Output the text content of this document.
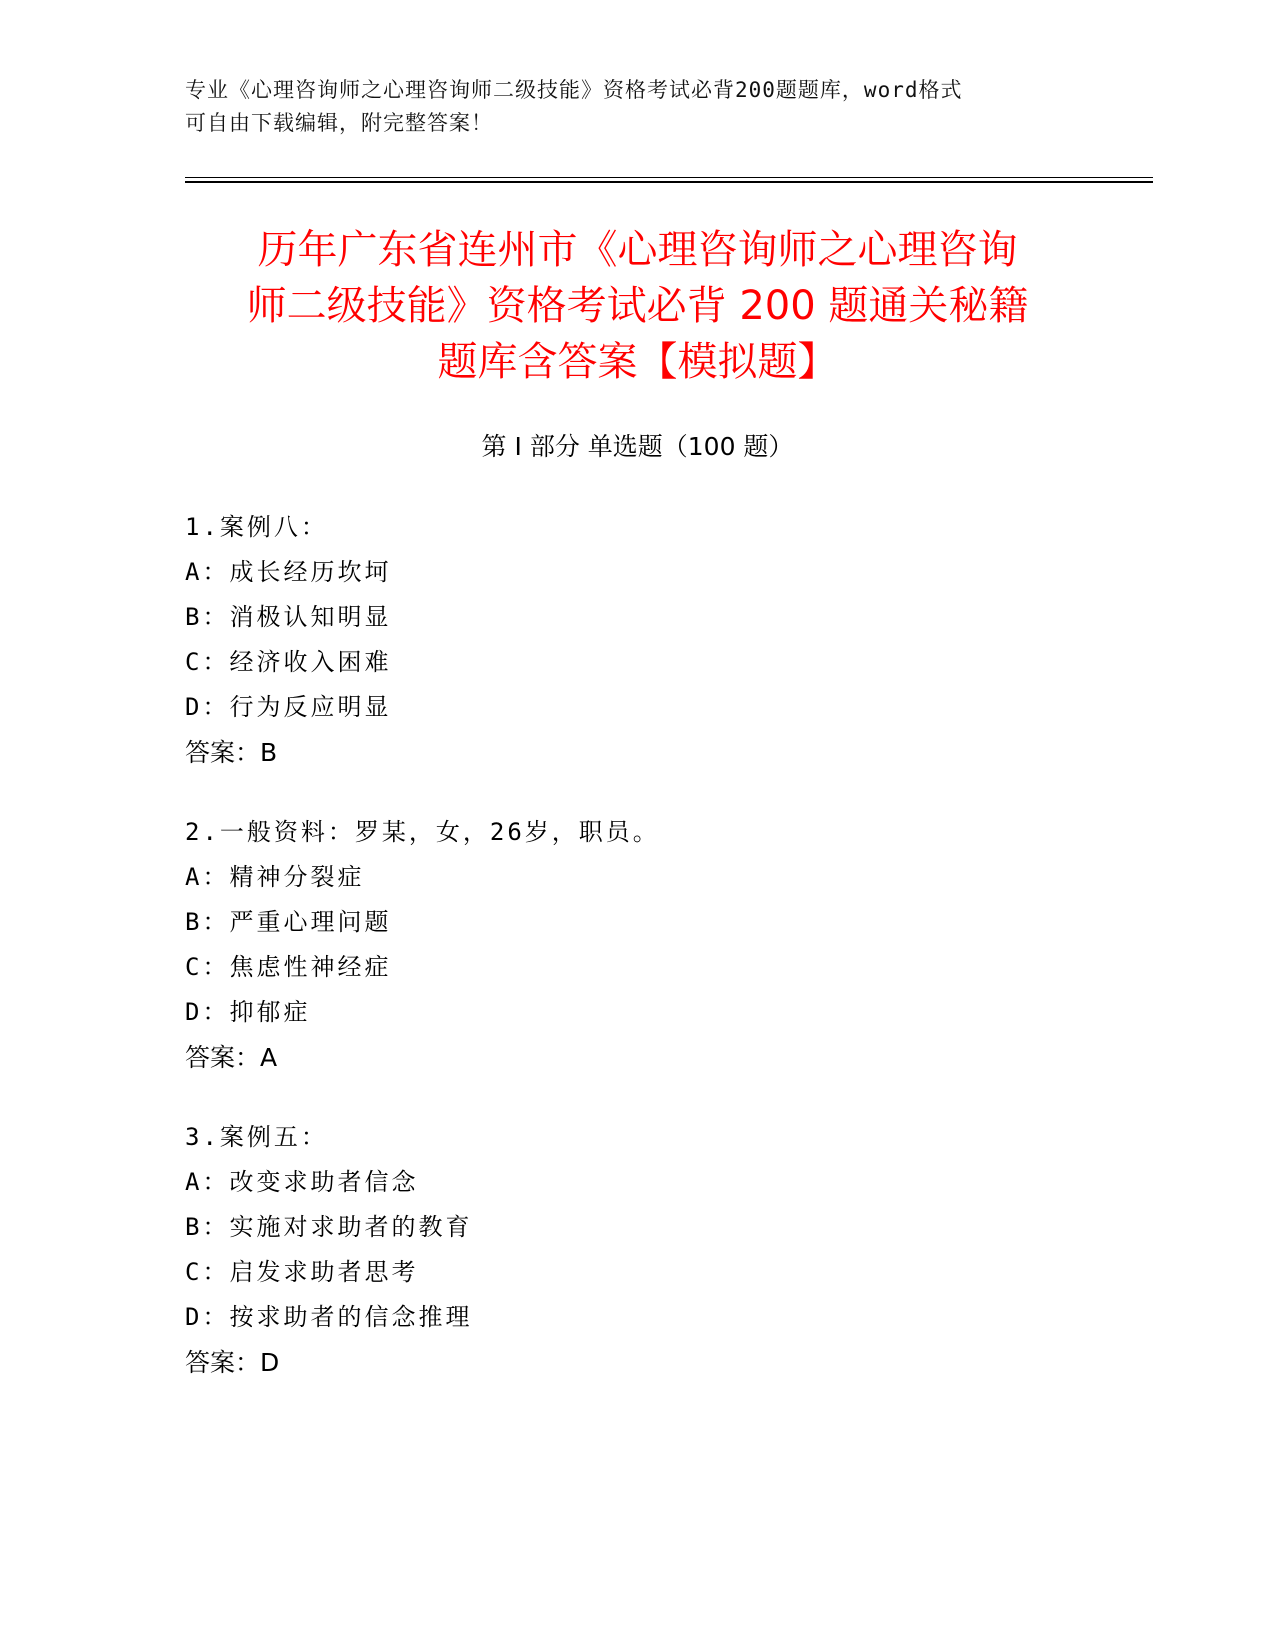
专业《心理咨询师之心理咨询师二级技能》资格考试必背200题题库，word格式
可自由下载编辑，附完整答案！
历年广东省连州市《心理咨询师之心理咨询
师二级技能》资格考试必背 200 题通关秘籍
题库含答案【模拟题】
第 I 部分 单选题（100 题）
1.案例八：
A：成长经历坎坷
B：消极认知明显
C：经济收入困难
D：行为反应明显
答案：B
2.一般资料：罗某，女，26岁，职员。
A：精神分裂症
B：严重心理问题
C：焦虑性神经症
D：抑郁症
答案：A
3.案例五：
A：改变求助者信念
B：实施对求助者的教育
C：启发求助者思考
D：按求助者的信念推理
答案：D
